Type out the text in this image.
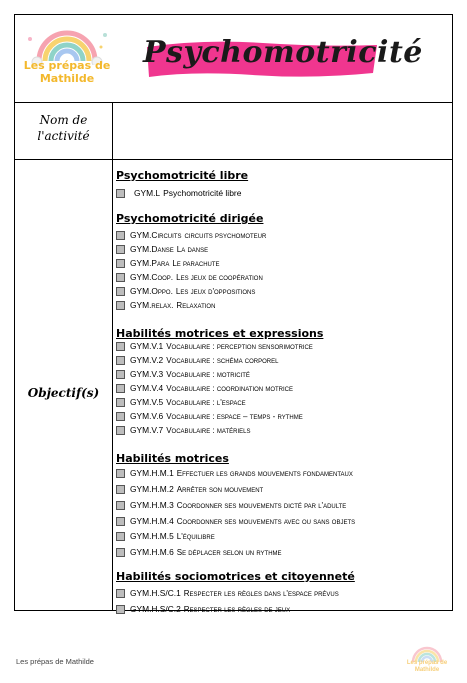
Les prépas de
Mathilde
Psychomotricité
Nom de
l'activité
Objectif(s)
Psychomotricité libre
GYM.L Psychomotricité libre
Psychomotricité dirigée
GYM.Circuits circuits psychomoteur
GYM.Danse La danse
GYM.Para Le parachute
GYM.Coop. Les jeux de coopération
GYM.Oppo. Les jeux d'oppositions
GYM.relax. Relaxation
Habilités motrices et expressions
GYM.V.1 Vocabulaire : perception sensorimotrice
GYM.V.2 Vocabulaire : schéma corporel
GYM.V.3 Vocabulaire : motricité
GYM.V.4 Vocabulaire : coordination motrice
GYM.V.5 Vocabulaire : l'espace
GYM.V.6 Vocabulaire : espace – temps - rythme
GYM.V.7 Vocabulaire : matériels
Habilités motrices
GYM.H.M.1 Effectuer les grands mouvements fondamentaux
GYM.H.M.2 Arrêter son mouvement
GYM.H.M.3 Coordonner ses mouvements dicté par l'adulte
GYM.H.M.4 Coordonner ses mouvements avec ou sans objets
GYM.H.M.5 L'équilibre
GYM.H.M.6 Se déplacer selon un rythme
Habilités sociomotrices et citoyenneté
GYM.H.S/C.1 Respecter les règles dans l'espace prévus
GYM.H.S/C.2 Respecter les règles de jeux
Les prépas de Mathilde	Les prépas de
Mathilde
